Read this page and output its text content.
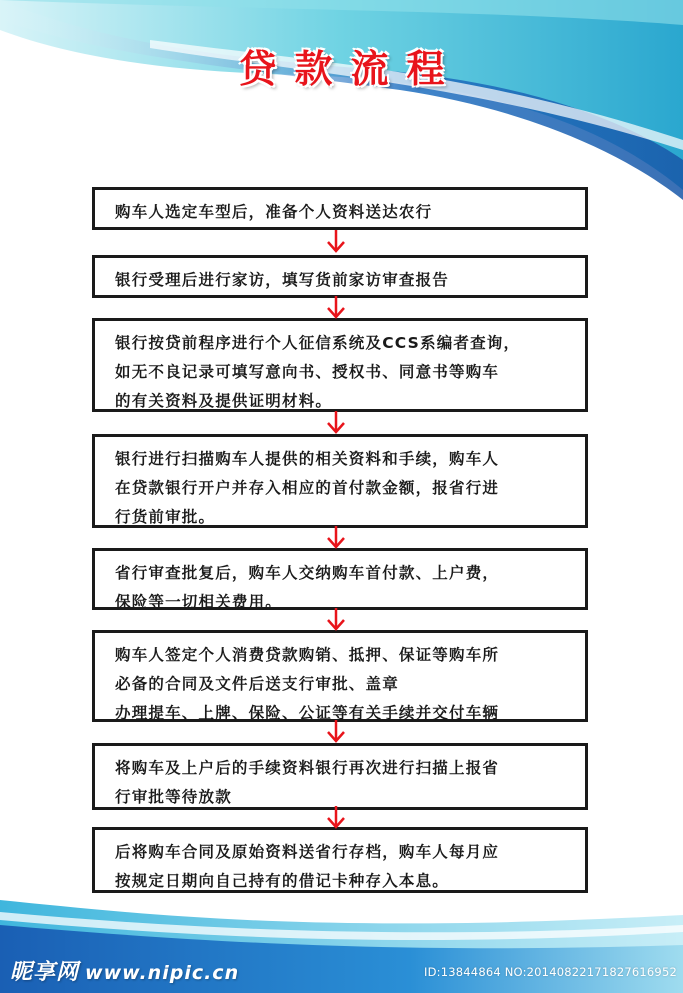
贷款流程

购车人选定车型后，准备个人资料送达农行

银行受理后进行家访，填写货前家访审查报告

银行按贷前程序进行个人征信系统及CCS系编者查询，

如无不良记录可填写意向书、授权书、同意书等购车

的有关资料及提供证明材料。

银行进行扫描购车人提供的相关资料和手续，购车人

在贷款银行开户并存入相应的首付款金额，报省行进

行货前审批。

省行审查批复后，购车人交纳购车首付款、上户费，

保险等一切相关费用。

购车人签定个人消费贷款购销、抵押、保证等购车所

必备的合同及文件后送支行审批、盖章

办理提车、上牌、保险、公证等有关手续并交付车辆

将购车及上户后的手续资料银行再次进行扫描上报省

行审批等待放款

后将购车合同及原始资料送省行存档，购车人每月应

按规定日期向自己持有的借记卡种存入本息。

昵享网 www.nipic.cn	ID:13844864 NO:20140822171827616952
